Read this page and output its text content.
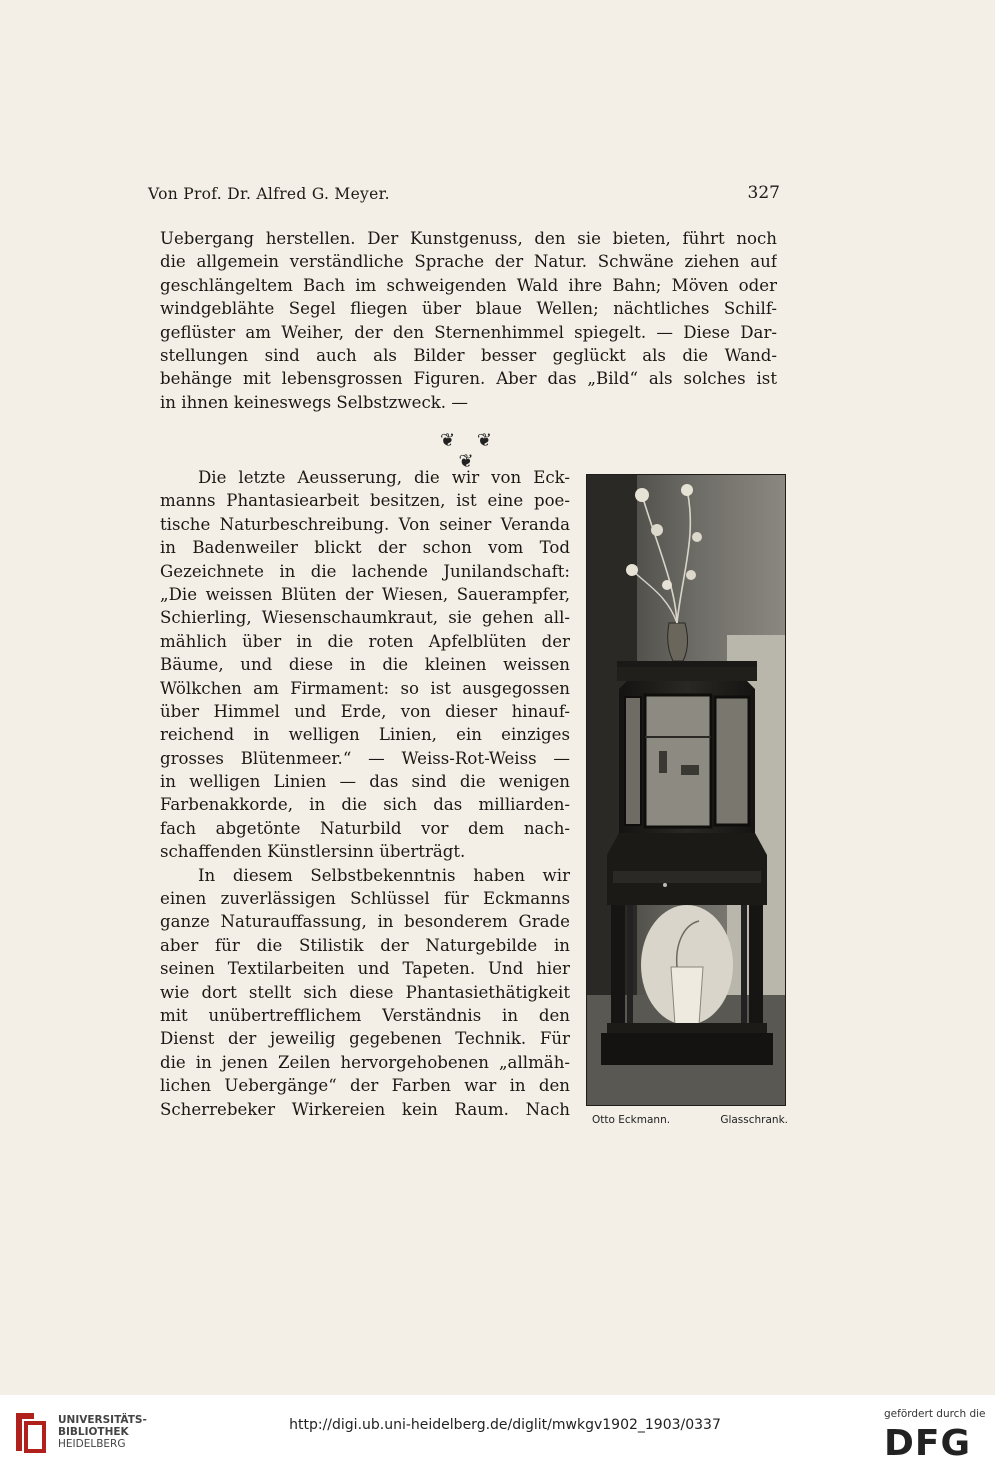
Von Prof. Dr. Alfred G. Meyer.	327
Uebergang herstellen. Der Kunstgenuss, den sie bieten, führt noch
die allgemein verständliche Sprache der Natur. Schwäne ziehen auf
geschlängeltem Bach im schweigenden Wald ihre Bahn; Möven oder
windgeblähte Segel fliegen über blaue Wellen; nächtliches Schilf-
geflüster am Weiher, der den Sternenhimmel spiegelt. — Diese Dar-
stellungen sind auch als Bilder besser geglückt als die Wand-
behänge mit lebensgrossen Figuren. Aber das „Bild“ als solches ist
in ihnen keineswegs Selbstzweck. —
❦ ❦ ❦
Die letzte Aeusserung, die wir von Eck-
manns Phantasiearbeit besitzen, ist eine poe-
tische Naturbeschreibung. Von seiner Veranda
in Badenweiler blickt der schon vom Tod
Gezeichnete in die lachende Junilandschaft:
„Die weissen Blüten der Wiesen, Sauerampfer,
Schierling, Wiesenschaumkraut, sie gehen all-
mählich über in die roten Apfelblüten der
Bäume, und diese in die kleinen weissen
Wölkchen am Firmament: so ist ausgegossen
über Himmel und Erde, von dieser hinauf-
reichend in welligen Linien, ein einziges
grosses Blütenmeer.“ — Weiss-Rot-Weiss —
in welligen Linien — das sind die wenigen
Farbenakkorde, in die sich das milliarden-
fach abgetönte Naturbild vor dem nach-
schaffenden Künstlersinn überträgt.
In diesem Selbstbekenntnis haben wir
einen zuverlässigen Schlüssel für Eckmanns
ganze Naturauffassung, in besonderem Grade
aber für die Stilistik der Naturgebilde in
seinen Textilarbeiten und Tapeten. Und hier
wie dort stellt sich diese Phantasiethätigkeit
mit unübertrefflichem Verständnis in den
Dienst der jeweilig gegebenen Technik. Für
die in jenen Zeilen hervorgehobenen „allmäh-
lichen Uebergänge“ der Farben war in den
Scherrebeker Wirkereien kein Raum. Nach
Otto Eckmann.	Glasschrank.
UNIVERSITÄTS-
BIBLIOTHEK
HEIDELBERG
http://digi.ub.uni-heidelberg.de/diglit/mwkgv1902_1903/0337
gefördert durch die
DFG
